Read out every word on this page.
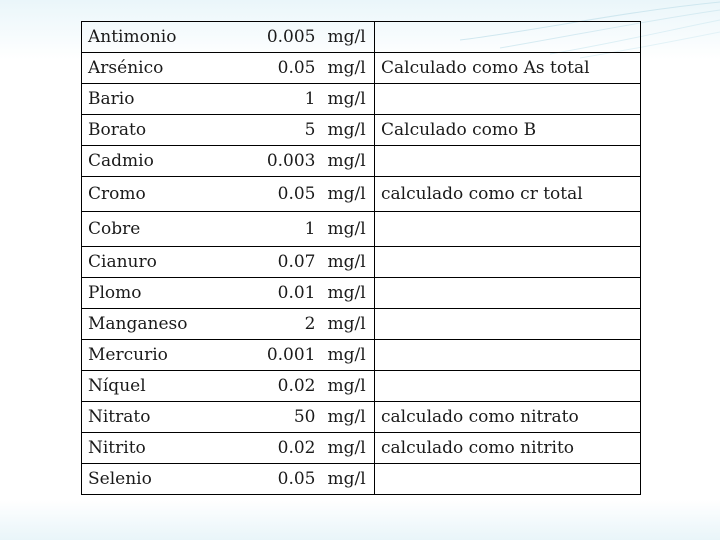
Antimonio	0.005	mg/l	
Arsénico	0.05	mg/l	Calculado como As total
Bario	1	mg/l	
Borato	5	mg/l	Calculado como B
Cadmio	0.003	mg/l	
Cromo	0.05	mg/l	calculado como cr total
Cobre	1	mg/l	
Cianuro	0.07	mg/l	
Plomo	0.01	mg/l	
Manganeso	2	mg/l	
Mercurio	0.001	mg/l	
Níquel	0.02	mg/l	
Nitrato	50	mg/l	calculado como nitrato
Nitrito	0.02	mg/l	calculado como nitrito
Selenio	0.05	mg/l	
